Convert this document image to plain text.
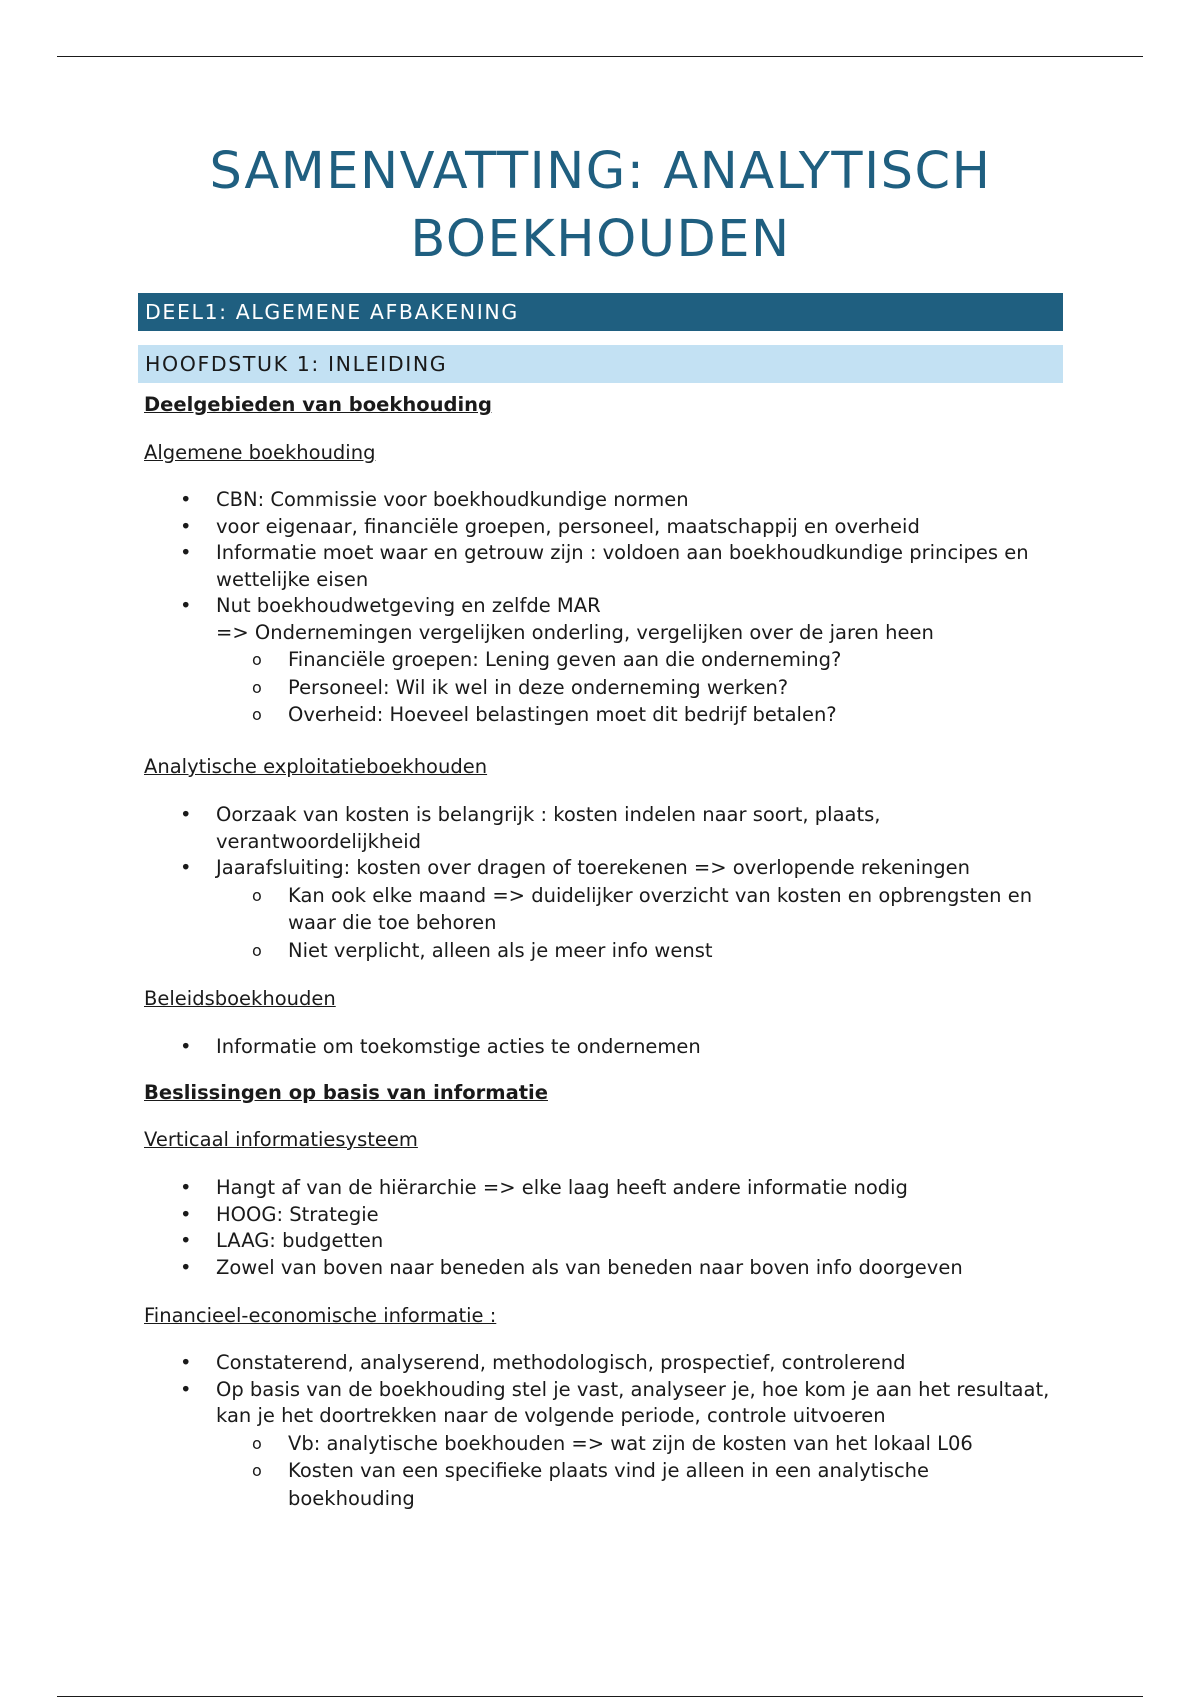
SAMENVATTING: ANALYTISCH BOEKHOUDEN
DEEL1: ALGEMENE AFBAKENING
HOOFDSTUK 1: INLEIDING
Deelgebieden van boekhouding
Algemene boekhouding
• CBN: Commissie voor boekhoudkundige normen
• voor eigenaar, financiële groepen, personeel, maatschappij en overheid
• Informatie moet waar en getrouw zijn : voldoen aan boekhoudkundige principes en wettelijke eisen
• Nut boekhoudwetgeving en zelfde MAR
=> Ondernemingen vergelijken onderling, vergelijken over de jaren heen
o Financiële groepen: Lening geven aan die onderneming?
o Personeel: Wil ik wel in deze onderneming werken?
o Overheid: Hoeveel belastingen moet dit bedrijf betalen?
Analytische exploitatieboekhouden
• Oorzaak van kosten is belangrijk : kosten indelen naar soort, plaats, verantwoordelijkheid
• Jaarafsluiting: kosten over dragen of toerekenen => overlopende rekeningen
o Kan ook elke maand => duidelijker overzicht van kosten en opbrengsten en waar die toe behoren
o Niet verplicht, alleen als je meer info wenst
Beleidsboekhouden
• Informatie om toekomstige acties te ondernemen
Beslissingen op basis van informatie
Verticaal informatiesysteem
• Hangt af van de hiërarchie => elke laag heeft andere informatie nodig
• HOOG: Strategie
• LAAG: budgetten
• Zowel van boven naar beneden als van beneden naar boven info doorgeven
Financieel-economische informatie :
• Constaterend, analyserend, methodologisch, prospectief, controlerend
• Op basis van de boekhouding stel je vast, analyseer je, hoe kom je aan het resultaat, kan je het doortrekken naar de volgende periode, controle uitvoeren
o Vb: analytische boekhouden => wat zijn de kosten van het lokaal L06
o Kosten van een specifieke plaats vind je alleen in een analytische boekhouding
